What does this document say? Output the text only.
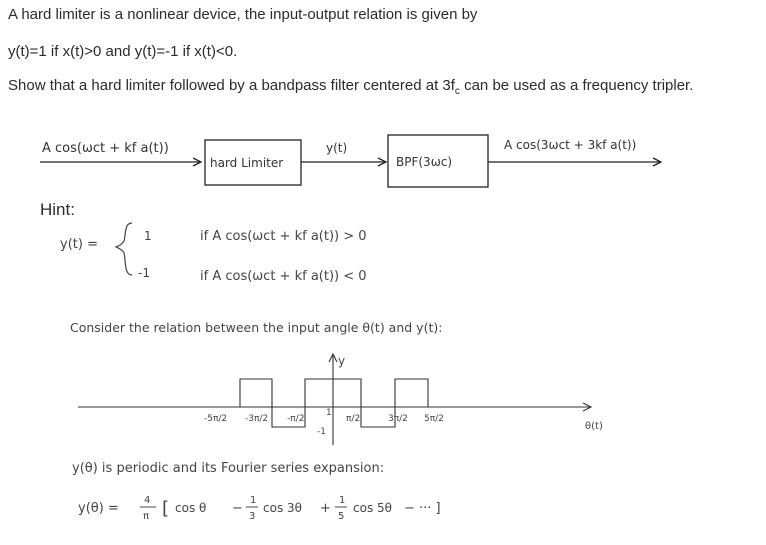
A hard limiter is a nonlinear device, the input-output relation is given by
y(t)=1 if x(t)>0 and y(t)=-1 if x(t)<0.
Show that a hard limiter followed by a bandpass filter centered at $3f_c$ can be used as a frequency tripler.
A cos(ωct + kf a(t))
hard Limiter
y(t)
BPF(3ωc)
A cos(3ωct + 3kf a(t))
Hint:
y(t) =
1
-1
if A cos(ωct + kf a(t)) > 0
if A cos(ωct + kf a(t)) < 0
Consider the relation between the input angle θ(t) and y(t):
y
θ(t)
-5π/2 -3π/2 -π/2
1
-1
π/2	3π/2 5π/2
y(θ) is periodic and its Fourier series expansion:
y(θ) =
4
π [ cos θ −
1
3
cos 3θ +
1
5
cos 5θ − ··· ]
